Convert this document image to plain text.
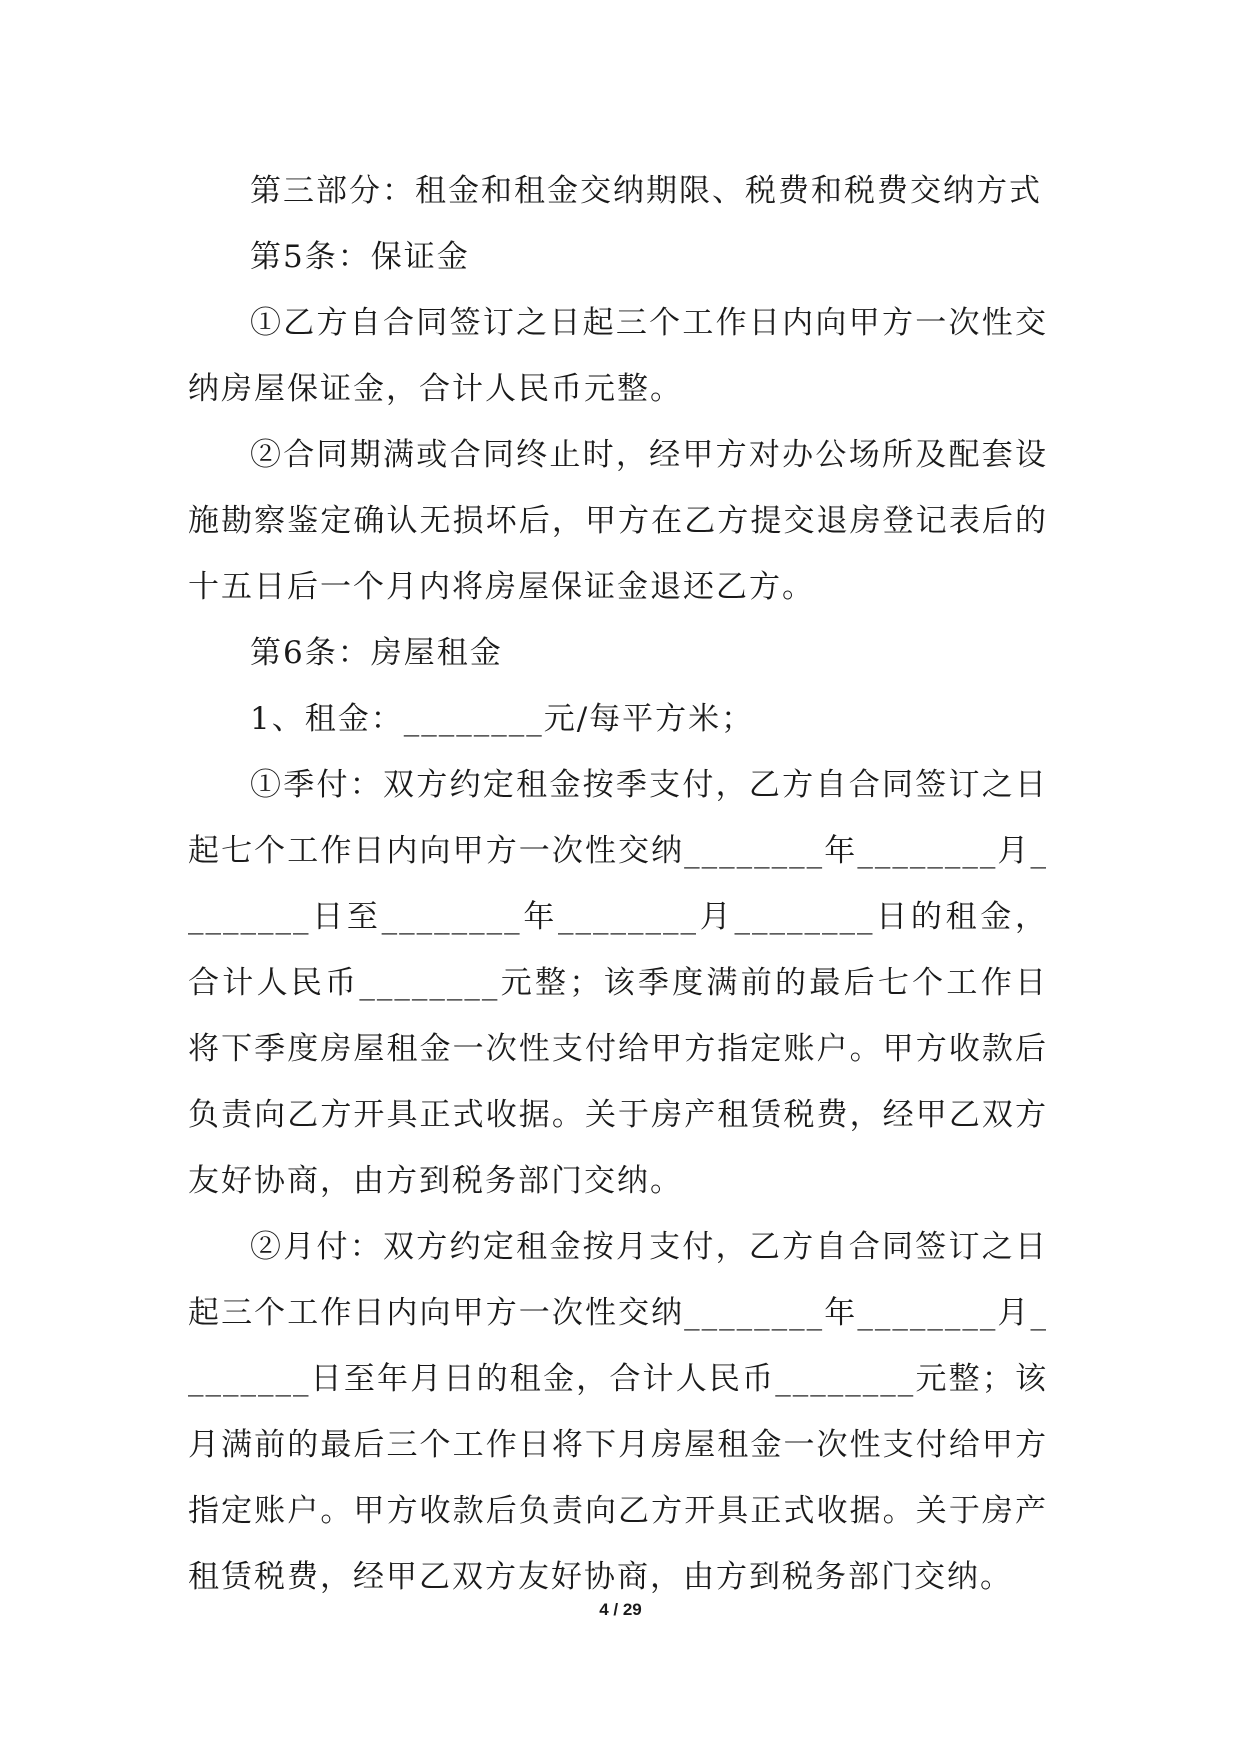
第三部分：租金和租金交纳期限、税费和税费交纳方式

第5条：保证金

①乙方自合同签订之日起三个工作日内向甲方一次性交纳房屋保证金，合计人民币元整。

②合同期满或合同终止时，经甲方对办公场所及配套设施勘察鉴定确认无损坏后，甲方在乙方提交退房登记表后的十五日后一个月内将房屋保证金退还乙方。

第6条：房屋租金

1、租金：________元/每平方米；

①季付：双方约定租金按季支付，乙方自合同签订之日起七个工作日内向甲方一次性交纳________年________月________日至________年________月________日的租金，合计人民币________元整；该季度满前的最后七个工作日将下季度房屋租金一次性支付给甲方指定账户。甲方收款后负责向乙方开具正式收据。关于房产租赁税费，经甲乙双方友好协商，由方到税务部门交纳。

②月付：双方约定租金按月支付，乙方自合同签订之日起三个工作日内向甲方一次性交纳________年________月________日至年月日的租金，合计人民币________元整；该月满前的最后三个工作日将下月房屋租金一次性支付给甲方指定账户。甲方收款后负责向乙方开具正式收据。关于房产租赁税费，经甲乙双方友好协商，由方到税务部门交纳。

4 / 29
